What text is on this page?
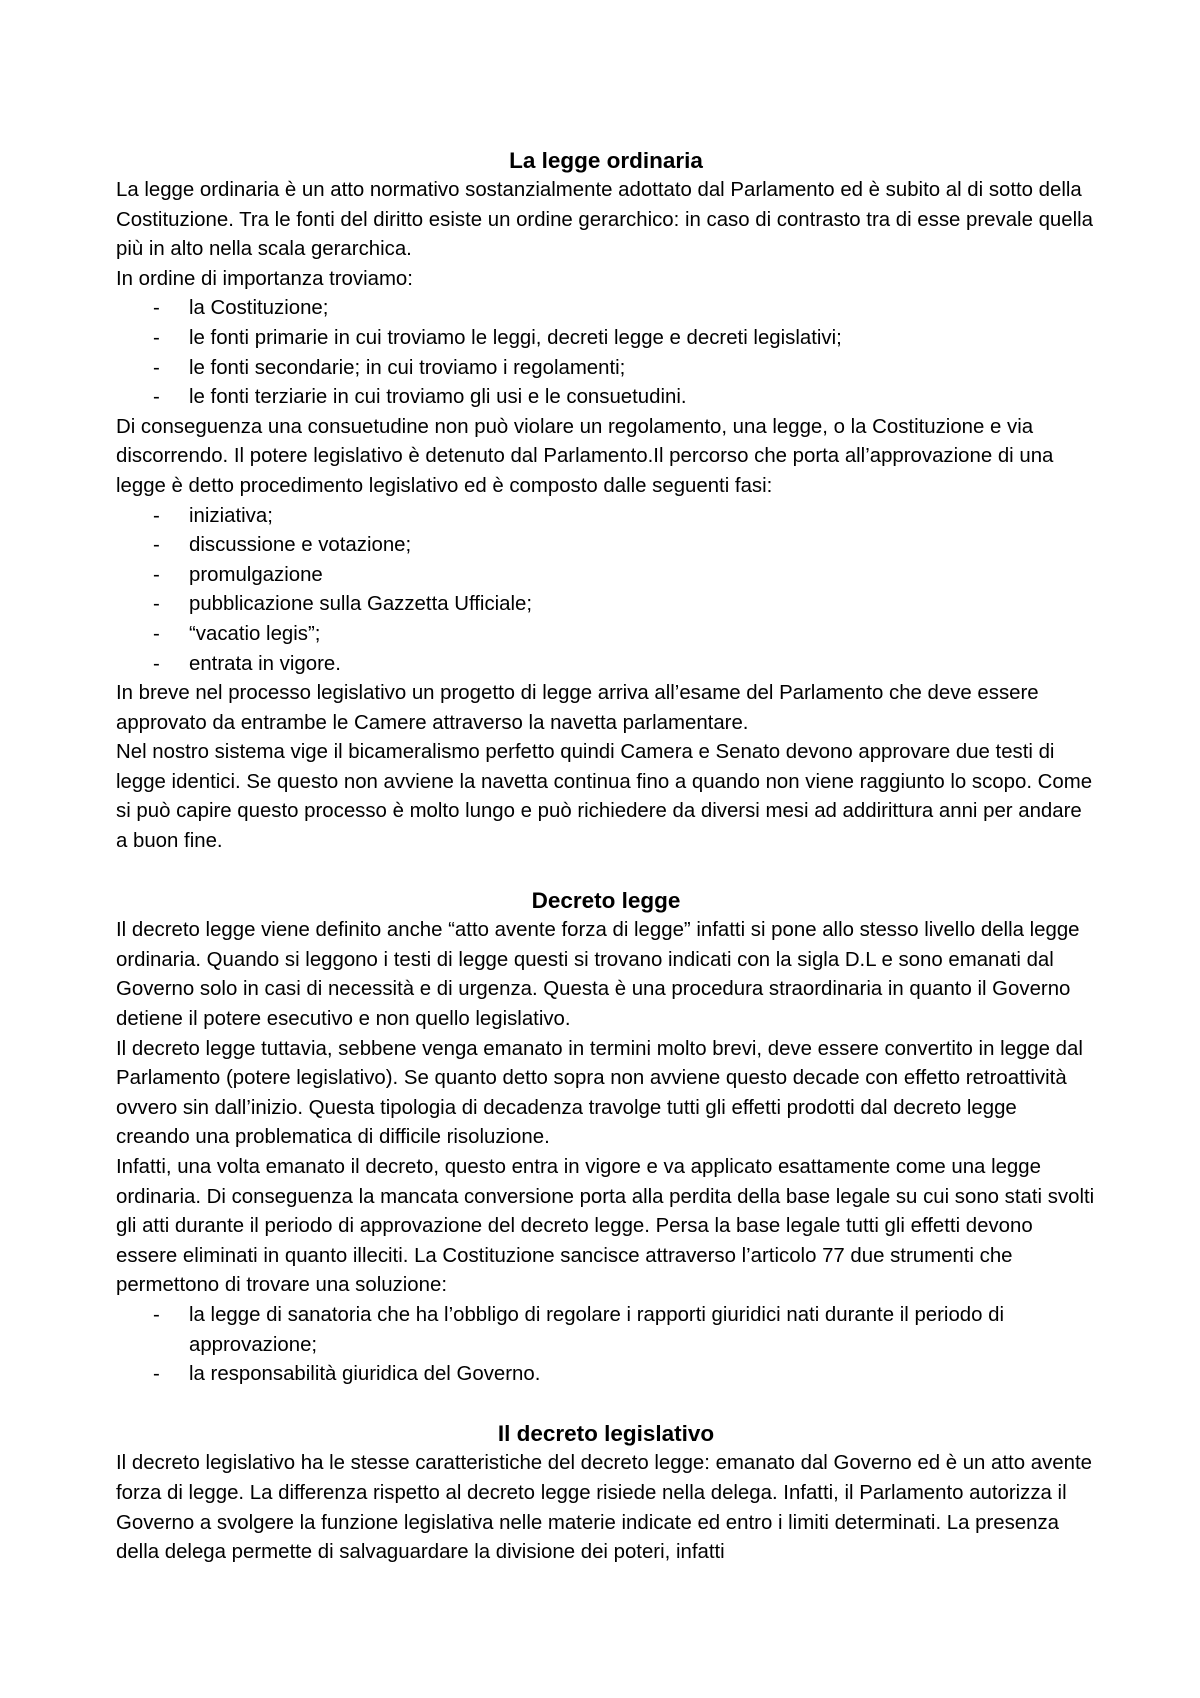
La legge ordinaria

La legge ordinaria è un atto normativo sostanzialmente adottato dal Parlamento ed è subito al di sotto della Costituzione. Tra le fonti del diritto esiste un ordine gerarchico: in caso di contrasto tra di esse prevale quella più in alto nella scala gerarchica.

In ordine di importanza troviamo:

- la Costituzione;
- le fonti primarie in cui troviamo le leggi, decreti legge e decreti legislativi;
- le fonti secondarie; in cui troviamo i regolamenti;
- le fonti terziarie in cui troviamo gli usi e le consuetudini.

Di conseguenza una consuetudine non può violare un regolamento, una legge, o la Costituzione e via discorrendo. Il potere legislativo è detenuto dal Parlamento.Il percorso che porta all’approvazione di una legge è detto procedimento legislativo ed è composto dalle seguenti fasi:

- iniziativa;
- discussione e votazione;
- promulgazione
- pubblicazione sulla Gazzetta Ufficiale;
- “vacatio legis”;
- entrata in vigore.

In breve nel processo legislativo un progetto di legge arriva all’esame del Parlamento che deve essere approvato da entrambe le Camere attraverso la navetta parlamentare.

Nel nostro sistema vige il bicameralismo perfetto quindi Camera e Senato devono approvare due testi di legge identici. Se questo non avviene la navetta continua fino a quando non viene raggiunto lo scopo. Come si può capire questo processo è molto lungo e può richiedere da diversi mesi ad addirittura anni per andare a buon fine.

Decreto legge

Il decreto legge viene definito anche “atto avente forza di legge” infatti si pone allo stesso livello della legge ordinaria. Quando si leggono i testi di legge questi si trovano indicati con la sigla D.L e sono emanati dal Governo solo in casi di necessità e di urgenza. Questa è una procedura straordinaria in quanto il Governo detiene il potere esecutivo e non quello legislativo.

Il decreto legge tuttavia, sebbene venga emanato in termini molto brevi, deve essere convertito in legge dal Parlamento (potere legislativo). Se quanto detto sopra non avviene questo decade con effetto retroattività ovvero sin dall’inizio. Questa tipologia di decadenza travolge tutti gli effetti prodotti dal decreto legge creando una problematica di difficile risoluzione.

Infatti, una volta emanato il decreto, questo entra in vigore e va applicato esattamente come una legge ordinaria. Di conseguenza la mancata conversione porta alla perdita della base legale su cui sono stati svolti gli atti durante il periodo di approvazione del decreto legge. Persa la base legale tutti gli effetti devono essere eliminati in quanto illeciti. La Costituzione sancisce attraverso l’articolo 77 due strumenti che permettono di trovare una soluzione:

- la legge di sanatoria che ha l’obbligo di regolare i rapporti giuridici nati durante il periodo di approvazione;
- la responsabilità giuridica del Governo.
Il decreto legislativo

Il decreto legislativo ha le stesse caratteristiche del decreto legge: emanato dal Governo ed è un atto avente forza di legge. La differenza rispetto al decreto legge risiede nella delega. Infatti, il Parlamento autorizza il Governo a svolgere la funzione legislativa nelle materie indicate ed entro i limiti determinati. La presenza della delega permette di salvaguardare la divisione dei poteri, infatti
